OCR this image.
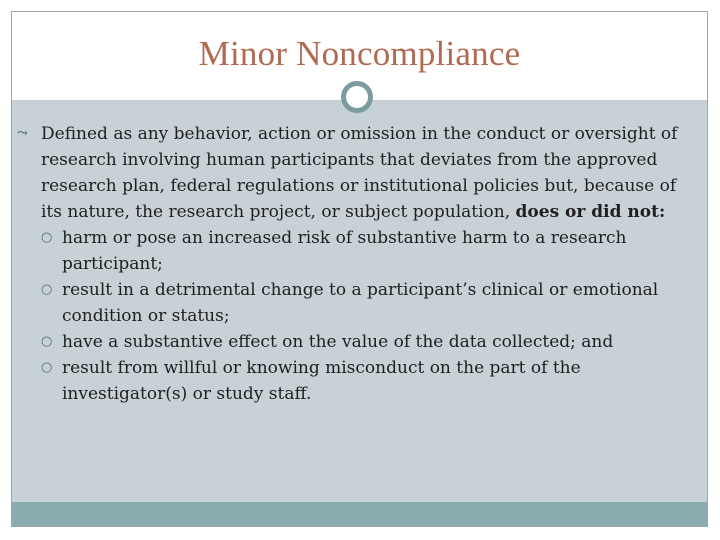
Minor Noncompliance
⤳ Defined as any behavior, action or omission in the conduct or oversight of research involving human participants that deviates from the approved research plan, federal regulations or institutional policies but, because of its nature, the research project, or subject population, does or did not:
○ harm or pose an increased risk of substantive harm to a research participant;
○ result in a detrimental change to a participant’s clinical or emotional condition or status;
○ have a substantive effect on the value of the data collected; and
○ result from willful or knowing misconduct on the part of the investigator(s) or study staff.
